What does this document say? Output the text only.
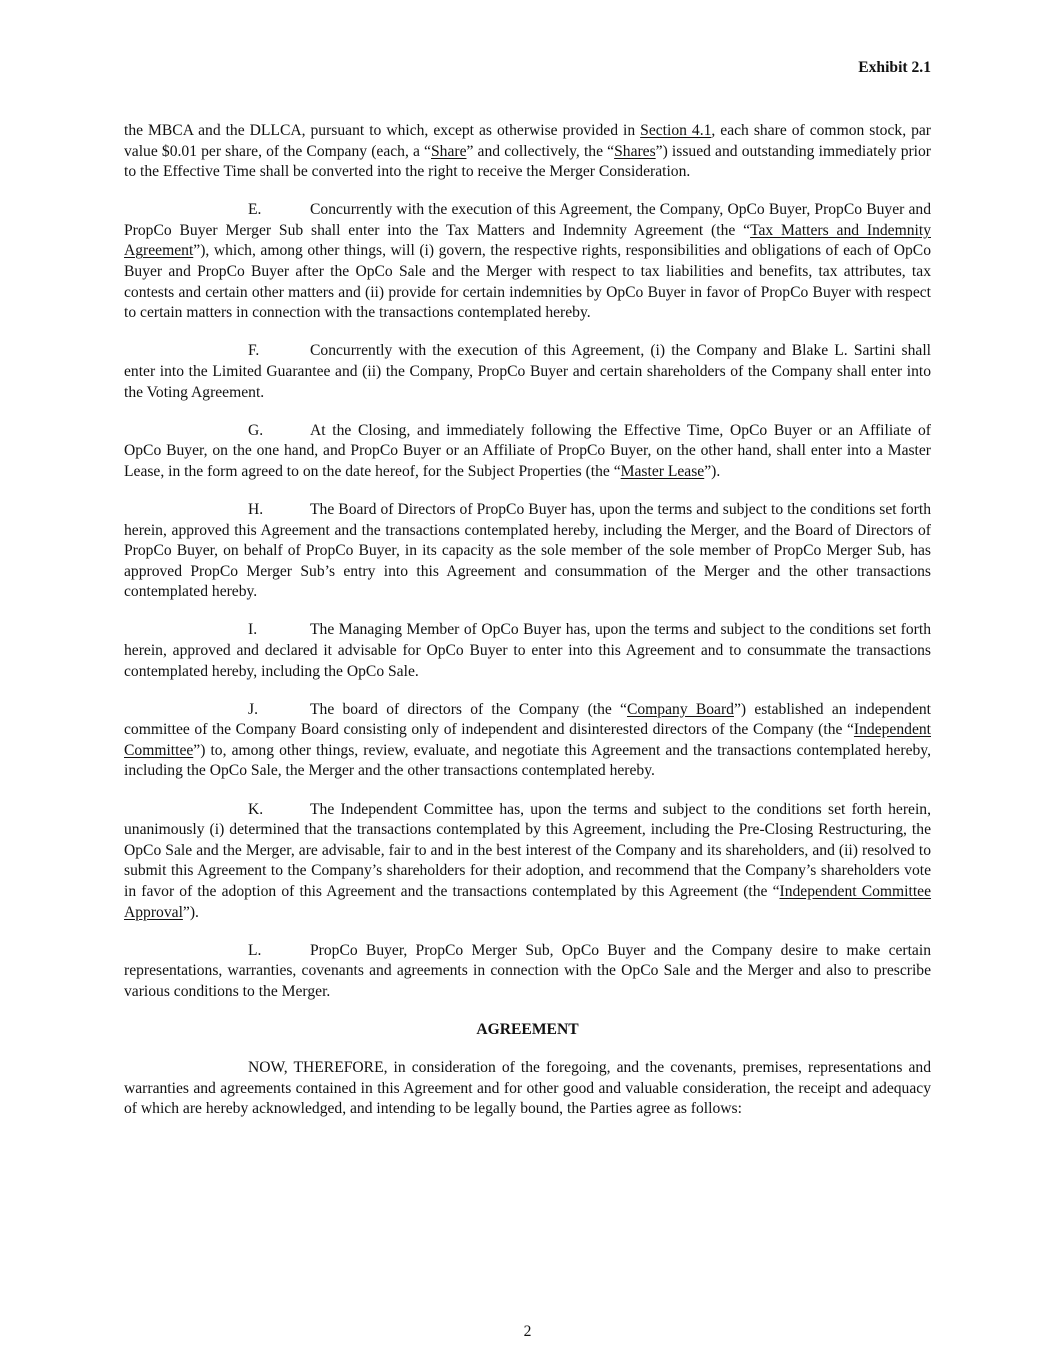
Exhibit 2.1

the MBCA and the DLLCA, pursuant to which, except as otherwise provided in Section 4.1, each share of common stock, par value $0.01 per share, of the Company (each, a “Share” and collectively, the “Shares”) issued and outstanding immediately prior to the Effective Time shall be converted into the right to receive the Merger Consideration.

E.	Concurrently with the execution of this Agreement, the Company, OpCo Buyer, PropCo Buyer and PropCo Buyer Merger Sub shall enter into the Tax Matters and Indemnity Agreement (the “Tax Matters and Indemnity Agreement”), which, among other things, will (i) govern, the respective rights, responsibilities and obligations of each of OpCo Buyer and PropCo Buyer after the OpCo Sale and the Merger with respect to tax liabilities and benefits, tax attributes, tax contests and certain other matters and (ii) provide for certain indemnities by OpCo Buyer in favor of PropCo Buyer with respect to certain matters in connection with the transactions contemplated hereby.

F.	Concurrently with the execution of this Agreement, (i) the Company and Blake L. Sartini shall enter into the Limited Guarantee and (ii) the Company, PropCo Buyer and certain shareholders of the Company shall enter into the Voting Agreement.

G.	At the Closing, and immediately following the Effective Time, OpCo Buyer or an Affiliate of OpCo Buyer, on the one hand, and PropCo Buyer or an Affiliate of PropCo Buyer, on the other hand, shall enter into a Master Lease, in the form agreed to on the date hereof, for the Subject Properties (the “Master Lease”).

H.	The Board of Directors of PropCo Buyer has, upon the terms and subject to the conditions set forth herein, approved this Agreement and the transactions contemplated hereby, including the Merger, and the Board of Directors of PropCo Buyer, on behalf of PropCo Buyer, in its capacity as the sole member of the sole member of PropCo Merger Sub, has approved PropCo Merger Sub’s entry into this Agreement and consummation of the Merger and the other transactions contemplated hereby.

I.	The Managing Member of OpCo Buyer has, upon the terms and subject to the conditions set forth herein, approved and declared it advisable for OpCo Buyer to enter into this Agreement and to consummate the transactions contemplated hereby, including the OpCo Sale.

J.	The board of directors of the Company (the “Company Board”) established an independent committee of the Company Board consisting only of independent and disinterested directors of the Company (the “Independent Committee”) to, among other things, review, evaluate, and negotiate this Agreement and the transactions contemplated hereby, including the OpCo Sale, the Merger and the other transactions contemplated hereby.

K.	The Independent Committee has, upon the terms and subject to the conditions set forth herein, unanimously (i) determined that the transactions contemplated by this Agreement, including the Pre-Closing Restructuring, the OpCo Sale and the Merger, are advisable, fair to and in the best interest of the Company and its shareholders, and (ii) resolved to submit this Agreement to the Company’s shareholders for their adoption, and recommend that the Company’s shareholders vote in favor of the adoption of this Agreement and the transactions contemplated by this Agreement (the “Independent Committee Approval”).

L.	PropCo Buyer, PropCo Merger Sub, OpCo Buyer and the Company desire to make certain representations, warranties, covenants and agreements in connection with the OpCo Sale and the Merger and also to prescribe various conditions to the Merger.

AGREEMENT

NOW, THEREFORE, in consideration of the foregoing, and the covenants, premises, representations and warranties and agreements contained in this Agreement and for other good and valuable consideration, the receipt and adequacy of which are hereby acknowledged, and intending to be legally bound, the Parties agree as follows:

2
